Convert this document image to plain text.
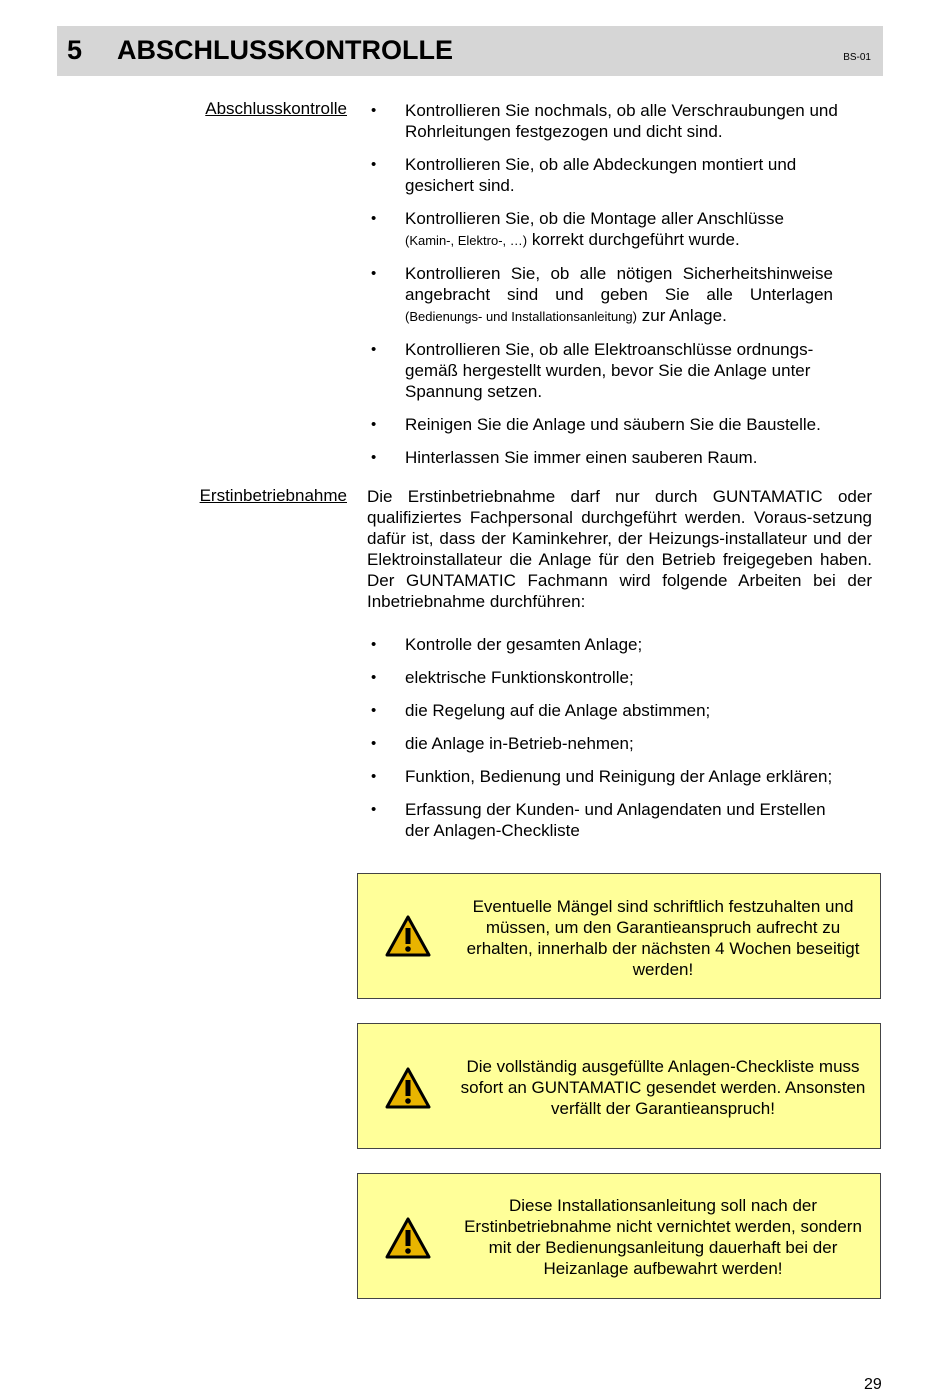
5 ABSCHLUSSKONTROLLE	BS-01
Abschlusskontrolle • Kontrollieren Sie nochmals, ob alle Verschraubungen und Rohrleitungen festgezogen und dicht sind.
• Kontrollieren Sie, ob alle Abdeckungen montiert und gesichert sind.
• Kontrollieren Sie, ob die Montage aller Anschlüsse
(Kamin-, Elektro-, …) korrekt durchgeführt wurde.
• Kontrollieren Sie, ob alle nötigen Sicherheitshinweise angebracht sind und geben Sie alle Unterlagen
(Bedienungs- und Installationsanleitung) zur Anlage.
• Kontrollieren Sie, ob alle Elektroanschlüsse ordnungs-gemäß hergestellt wurden, bevor Sie die Anlage unter Spannung setzen.
• Reinigen Sie die Anlage und säubern Sie die Baustelle.
• Hinterlassen Sie immer einen sauberen Raum.
Erstinbetriebnahme Die Erstinbetriebnahme darf nur durch GUNTAMATIC oder qualifiziertes Fachpersonal durchgeführt werden. Voraus-setzung dafür ist, dass der Kaminkehrer, der Heizungs-installateur und der Elektroinstallateur die Anlage für den Betrieb freigegeben haben. Der GUNTAMATIC Fachmann wird folgende Arbeiten bei der Inbetriebnahme durchführen:

• Kontrolle der gesamten Anlage;
• elektrische Funktionskontrolle;
• die Regelung auf die Anlage abstimmen;
• die Anlage in-Betrieb-nehmen;
• Funktion, Bedienung und Reinigung der Anlage erklären;
• Erfassung der Kunden- und Anlagendaten und Erstellen der Anlagen-Checkliste
Eventuelle Mängel sind schriftlich festzuhalten und müssen, um den Garantieanspruch aufrecht zu erhalten, innerhalb der nächsten 4 Wochen beseitigt werden!
Die vollständig ausgefüllte Anlagen-Checkliste muss sofort an GUNTAMATIC gesendet werden. Ansonsten verfällt der Garantieanspruch!
Diese Installationsanleitung soll nach der Erstinbetriebnahme nicht vernichtet werden, sondern mit der Bedienungsanleitung dauerhaft bei der Heizanlage aufbewahrt werden!
29
